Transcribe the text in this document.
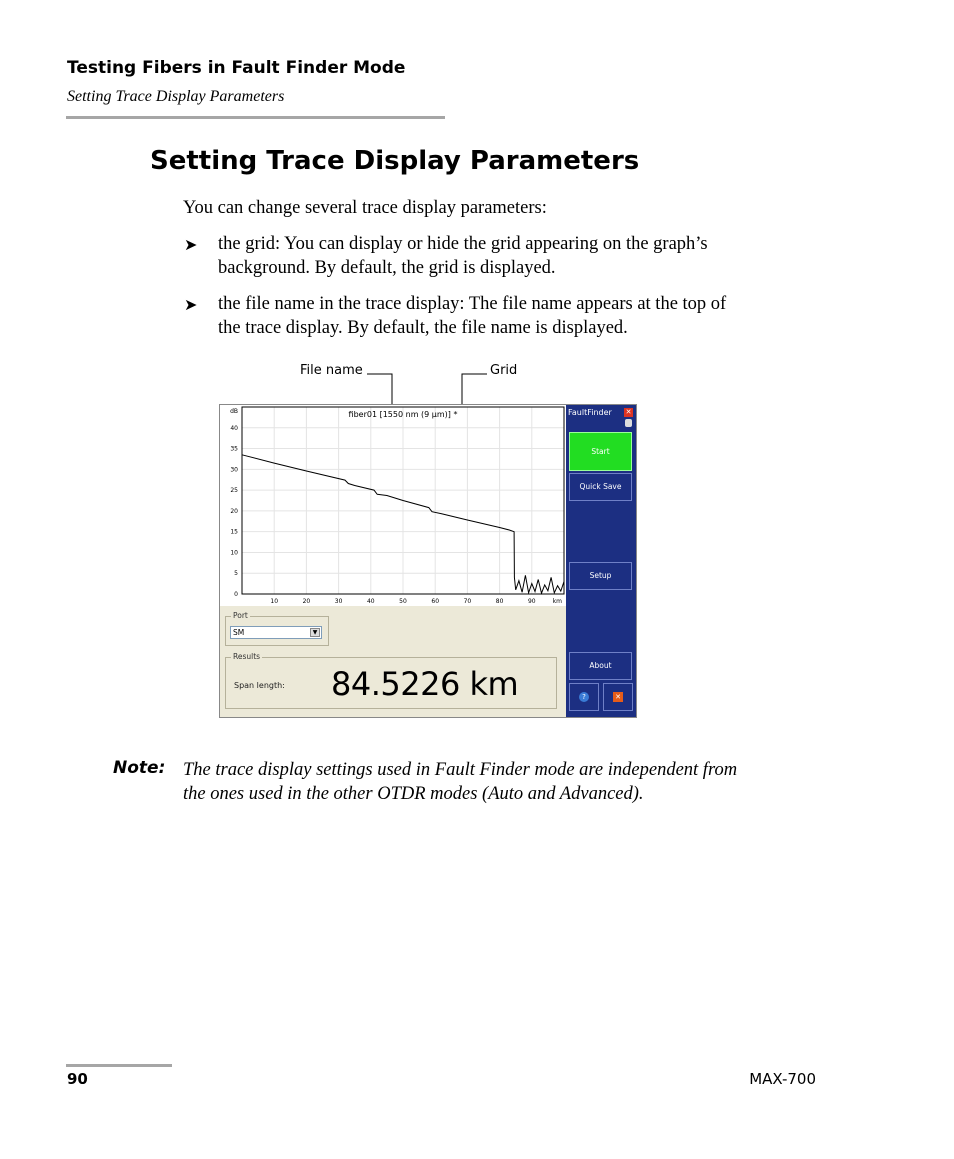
Testing Fibers in Fault Finder Mode
Setting Trace Display Parameters
Setting Trace Display Parameters
You can change several trace display parameters:
➤ the grid: You can display or hide the grid appearing on the graph’s
background. By default, the grid is displayed.
➤ the file name in the trace display: The file name appears at the top of
the trace display. By default, the file name is displayed.
File name	Grid
10	20	30	40	50	60	70	80	90
0
5
10
15
20
25
30
35
40
km
dB	fiber01 [1550 nm (9 µm)] *
Port
SM	▼
Results
Span length: 84.5226 km
FaultFinder ✕
Start
Quick Save
Setup
About
?	✕
Note: The trace display settings used in Fault Finder mode are independent from
the ones used in the other OTDR modes (Auto and Advanced).
90	MAX-700
